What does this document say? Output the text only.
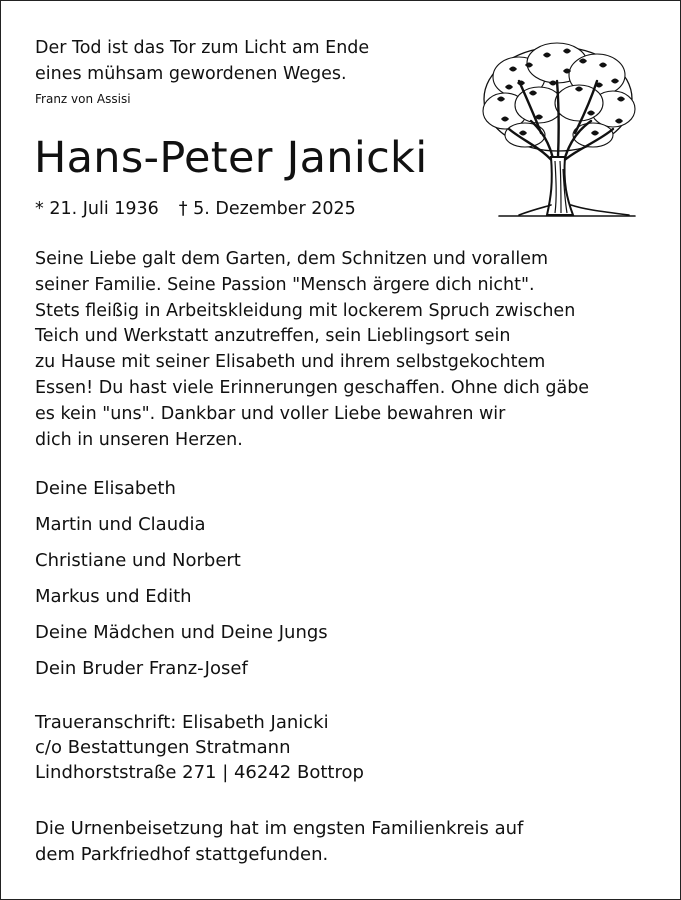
Der Tod ist das Tor zum Licht am Ende
eines mühsam gewordenen Weges.
Franz von Assisi
Hans-Peter Janicki
* 21. Juli 1936 † 5. Dezember 2025
Seine Liebe galt dem Garten, dem Schnitzen und vorallem
seiner Familie. Seine Passion "Mensch ärgere dich nicht".
Stets fleißig in Arbeitskleidung mit lockerem Spruch zwischen
Teich und Werkstatt anzutreffen, sein Lieblingsort sein
zu Hause mit seiner Elisabeth und ihrem selbstgekochtem
Essen! Du hast viele Erinnerungen geschaffen. Ohne dich gäbe
es kein "uns". Dankbar und voller Liebe bewahren wir
dich in unseren Herzen.
Deine Elisabeth
Martin und Claudia
Christiane und Norbert
Markus und Edith
Deine Mädchen und Deine Jungs
Dein Bruder Franz-Josef
Traueranschrift: Elisabeth Janicki
c/o Bestattungen Stratmann
Lindhorststraße 271 | 46242 Bottrop
Die Urnenbeisetzung hat im engsten Familienkreis auf
dem Parkfriedhof stattgefunden.
